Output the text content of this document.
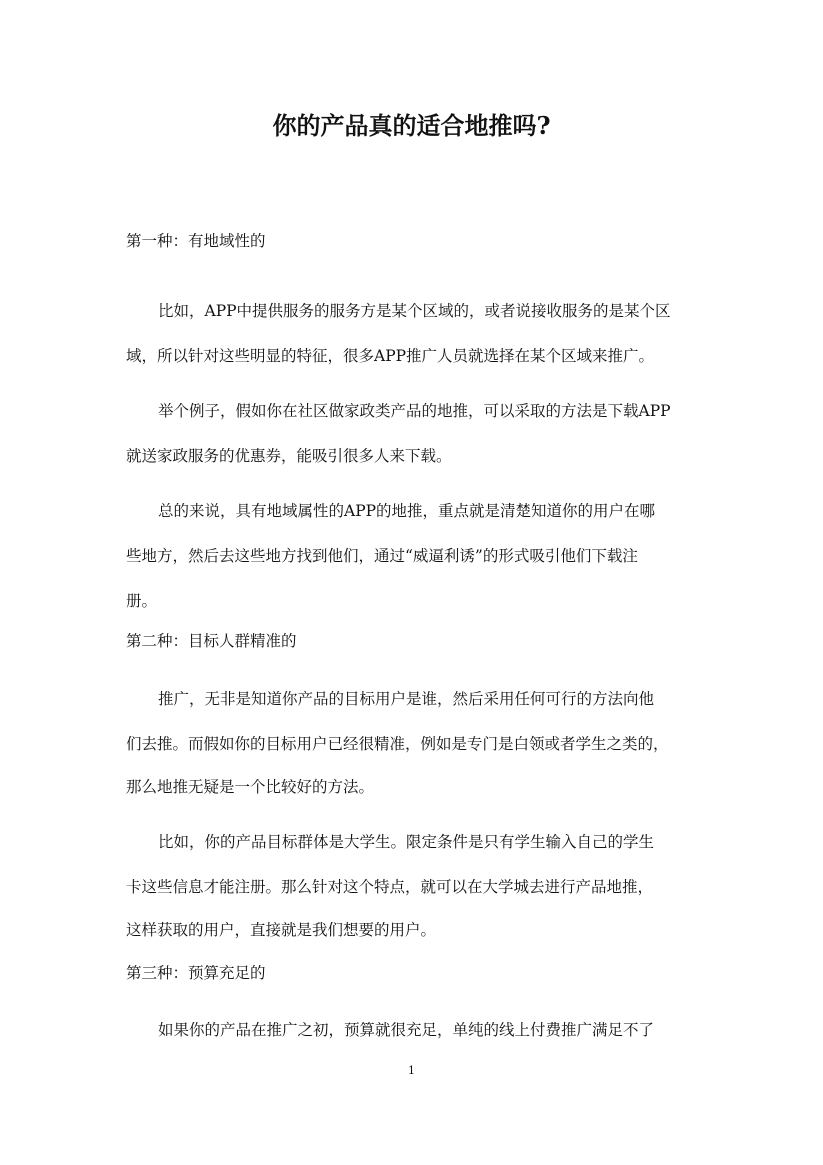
你的产品真的适合地推吗?
第一种：有地域性的
比如，APP中提供服务的服务方是某个区域的，或者说接收服务的是某个区
域，所以针对这些明显的特征，很多APP推广人员就选择在某个区域来推广。
举个例子，假如你在社区做家政类产品的地推，可以采取的方法是下载APP
就送家政服务的优惠券，能吸引很多人来下载。
总的来说，具有地域属性的APP的地推，重点就是清楚知道你的用户在哪
些地方，然后去这些地方找到他们，通过“威逼利诱”的形式吸引他们下载注
册。
第二种：目标人群精准的
推广，无非是知道你产品的目标用户是谁，然后采用任何可行的方法向他
们去推。而假如你的目标用户已经很精准，例如是专门是白领或者学生之类的，
那么地推无疑是一个比较好的方法。
比如，你的产品目标群体是大学生。限定条件是只有学生输入自己的学生
卡这些信息才能注册。那么针对这个特点，就可以在大学城去进行产品地推，
这样获取的用户，直接就是我们想要的用户。
第三种：预算充足的
如果你的产品在推广之初，预算就很充足，单纯的线上付费推广满足不了
1
